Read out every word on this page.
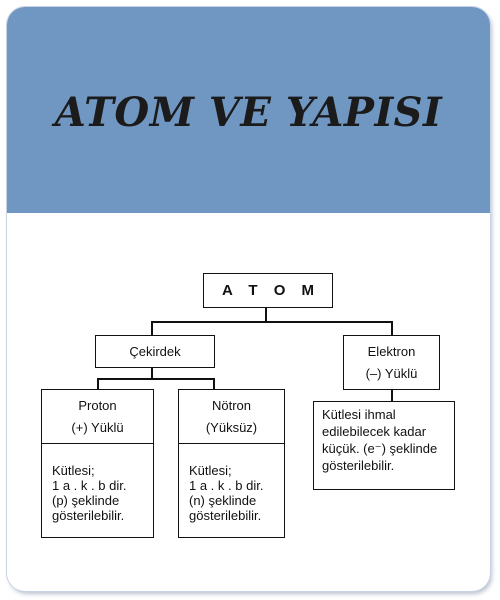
ATOM VE YAPISI
A T O M
Çekirdek	Elektron
(–) Yüklü
Proton
(+) Yüklü
Nötron
(Yüksüz)

Kütlesi;
1 a . k . b dir.
(p) şeklinde
gösterilebilir.

Kütlesi;
1 a . k . b dir.
(n) şeklinde
gösterilebilir.

Kütlesi ihmal edilebilecek kadar küçük. (e⁻) şeklinde gösterilebilir.
